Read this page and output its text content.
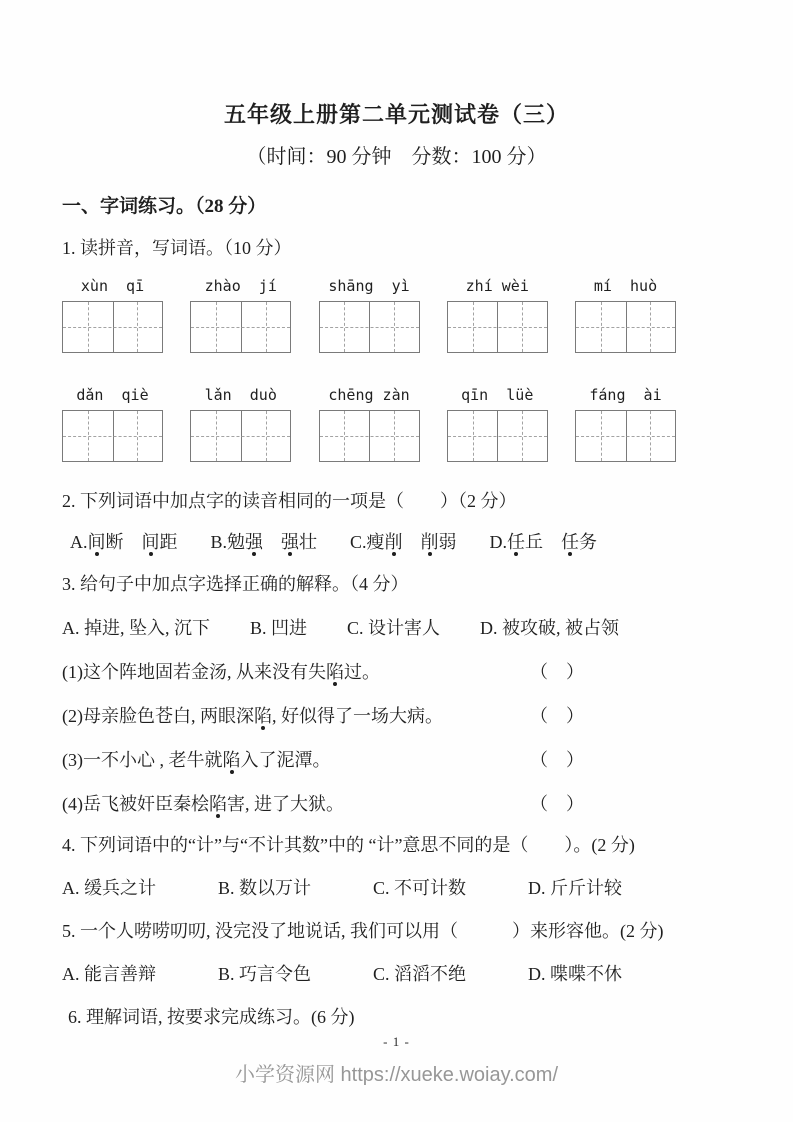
五年级上册第二单元测试卷（三）
（时间：90 分钟　分数：100 分）
一、字词练习。（28 分）
1. 读拼音，写词语。（10 分）
xùn  qī	zhào  jí	shāng  yì	zhí wèi	mí  huò
dǎn  qiè	lǎn  duò	chēng zàn	qīn  lüè	fáng  ài
2. 下列词语中加点字的读音相同的一项是（　　）（2 分）
A.间断　 间距 B.勉强　 强壮 C.瘦削　 削弱 D.任丘　 任务
3. 给句子中加点字选择正确的解释。（4 分）
A. 掉进, 坠入, 沉下 B. 凹进 C. 设计害人 D. 被攻破, 被占领
(1)这个阵地固若金汤, 从来没有失陷过。	（　）
(2)母亲脸色苍白, 两眼深陷, 好似得了一场大病。	（　）
(3)一不小心 , 老牛就陷入了泥潭。	（　）
(4)岳飞被奸臣秦桧陷害, 进了大狱。	（　）
4. 下列词语中的“计”与“不计其数”中的 “计”意思不同的是（　　）。(2 分)
A. 缓兵之计	B. 数以万计	C. 不可计数	D. 斤斤计较
5. 一个人唠唠叨叨, 没完没了地说话, 我们可以用（　　　）来形容他。(2 分)
A. 能言善辩	B. 巧言令色	C. 滔滔不绝	D. 喋喋不休
6. 理解词语, 按要求完成练习。(6 分)
- 1 -
小学资源网 https://xueke.woiay.com/
